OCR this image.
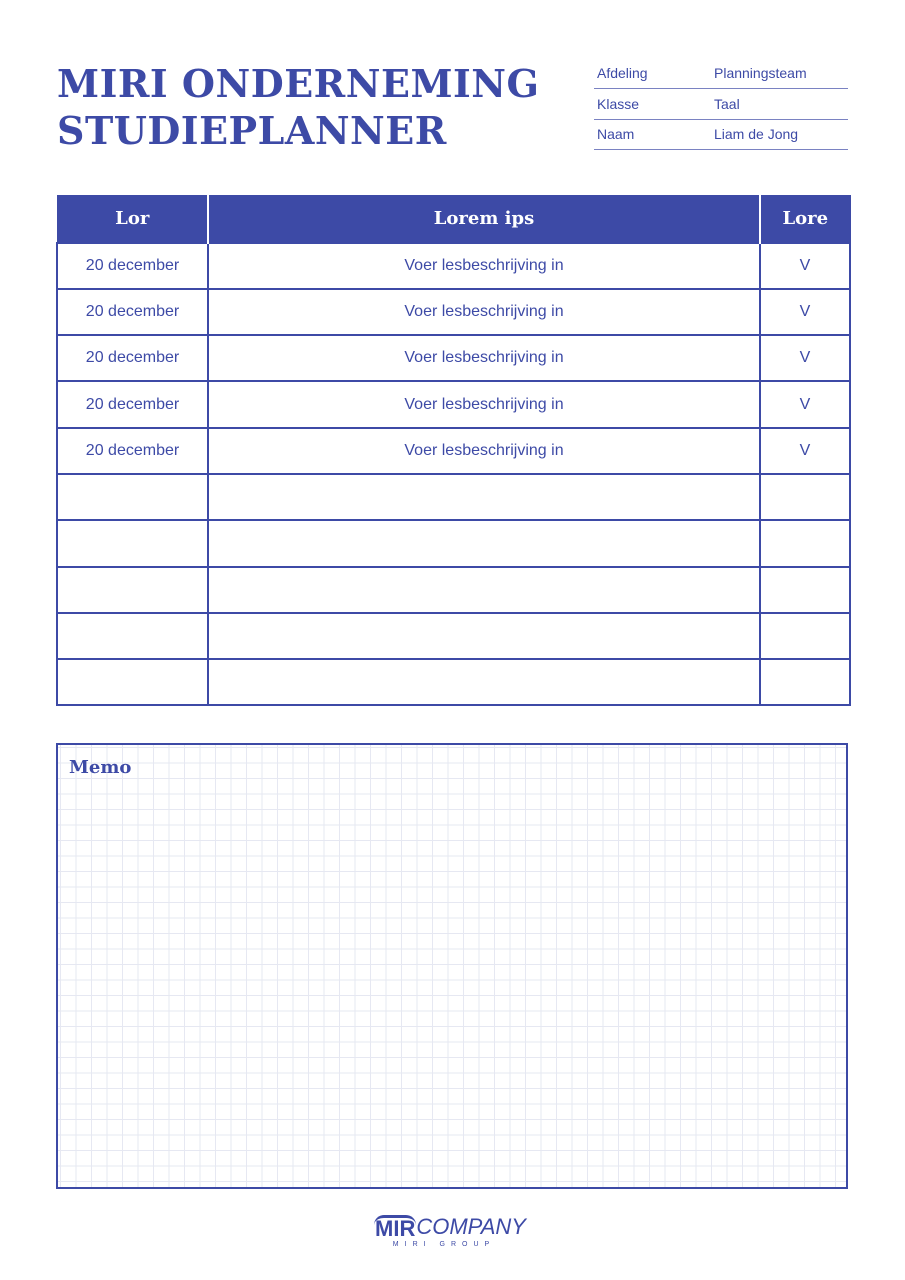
MIRI ONDERNEMING
STUDIEPLANNER
Afdeling	Planningsteam
Klasse	Taal
Naam	Liam de Jong
Lor	Lorem ips	Lore
20 december	Voer lesbeschrijving in	V
20 december	Voer lesbeschrijving in	V
20 december	Voer lesbeschrijving in	V
20 december	Voer lesbeschrijving in	V
20 december	Voer lesbeschrijving in	V

Memo
MIR COMPANY
MIRI GROUP
